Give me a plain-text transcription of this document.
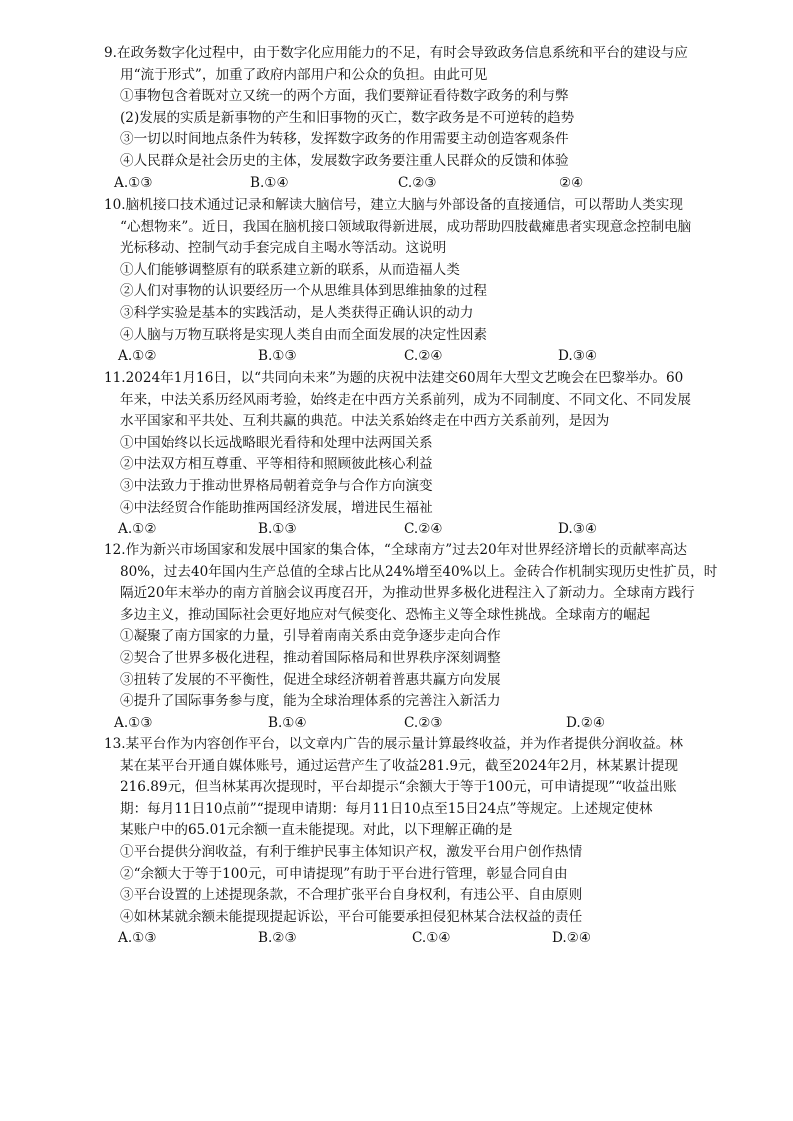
9.在政务数字化过程中，由于数字化应用能力的不足，有时会导致政务信息系统和平台的建设与应
用“流于形式”，加重了政府内部用户和公众的负担。由此可见
①事物包含着既对立又统一的两个方面，我们要辩证看待数字政务的利与弊
(2)发展的实质是新事物的产生和旧事物的灭亡，数字政务是不可逆转的趋势
③一切以时间地点条件为转移，发挥数字政务的作用需要主动创造客观条件
④人民群众是社会历史的主体，发展数字政务要注重人民群众的反馈和体验
A.①③	B.①④	C.②③	②④
10.脑机接口技术通过记录和解读大脑信号，建立大脑与外部设备的直接通信，可以帮助人类实现
“心想物来”。近日，我国在脑机接口领域取得新进展，成功帮助四肢截瘫患者实现意念控制电脑
光标移动、控制气动手套完成自主喝水等活动。这说明
①人们能够调整原有的联系建立新的联系，从而造福人类
②人们对事物的认识要经历一个从思维具体到思维抽象的过程
③科学实验是基本的实践活动，是人类获得正确认识的动力
④人脑与万物互联将是实现人类自由而全面发展的决定性因素
A.①②	B.①③	C.②④	D.③④
11.2024年1月16日，以“共同向未来”为题的庆祝中法建交60周年大型文艺晚会在巴黎举办。60
年来，中法关系历经风雨考验，始终走在中西方关系前列，成为不同制度、不同文化、不同发展
水平国家和平共处、互利共赢的典范。中法关系始终走在中西方关系前列，是因为
①中国始终以长远战略眼光看待和处理中法两国关系
②中法双方相互尊重、平等相待和照顾彼此核心利益
③中法致力于推动世界格局朝着竞争与合作方向演变
④中法经贸合作能助推两国经济发展，增进民生福祉
A.①②	B.①③	C.②④	D.③④
12.作为新兴市场国家和发展中国家的集合体，“全球南方”过去20年对世界经济增长的贡献率高达
80%，过去40年国内生产总值的全球占比从24%增至40%以上。金砖合作机制实现历史性扩员，时
隔近20年末举办的南方首脑会议再度召开，为推动世界多极化进程注入了新动力。全球南方践行
多边主义，推动国际社会更好地应对气候变化、恐怖主义等全球性挑战。全球南方的崛起
①凝聚了南方国家的力量，引导着南南关系由竞争逐步走向合作
②契合了世界多极化进程，推动着国际格局和世界秩序深刻调整
③扭转了发展的不平衡性，促进全球经济朝着普惠共赢方向发展
④提升了国际事务参与度，能为全球治理体系的完善注入新活力
A.①③	B.①④	C.②③	D.②④
13.某平台作为内容创作平台，以文章内广告的展示量计算最终收益，并为作者提供分润收益。林
某在某平台开通自媒体账号，通过运营产生了收益281.9元，截至2024年2月，林某累计提现
216.89元，但当林某再次提现时，平台却提示“余额大于等于100元，可申请提现”“收益出账
期：每月11日10点前”“提现申请期：每月11日10点至15日24点”等规定。上述规定使林
某账户中的65.01元余额一直未能提现。对此，以下理解正确的是
①平台提供分润收益，有利于维护民事主体知识产权，激发平台用户创作热情
②“余额大于等于100元，可申请提现”有助于平台进行管理，彰显合同自由
③平台设置的上述提现条款，不合理扩张平台自身权利，有违公平、自由原则
④如林某就余额未能提现提起诉讼，平台可能要承担侵犯林某合法权益的责任
A.①③	B.②③	C.①④	D.②④
